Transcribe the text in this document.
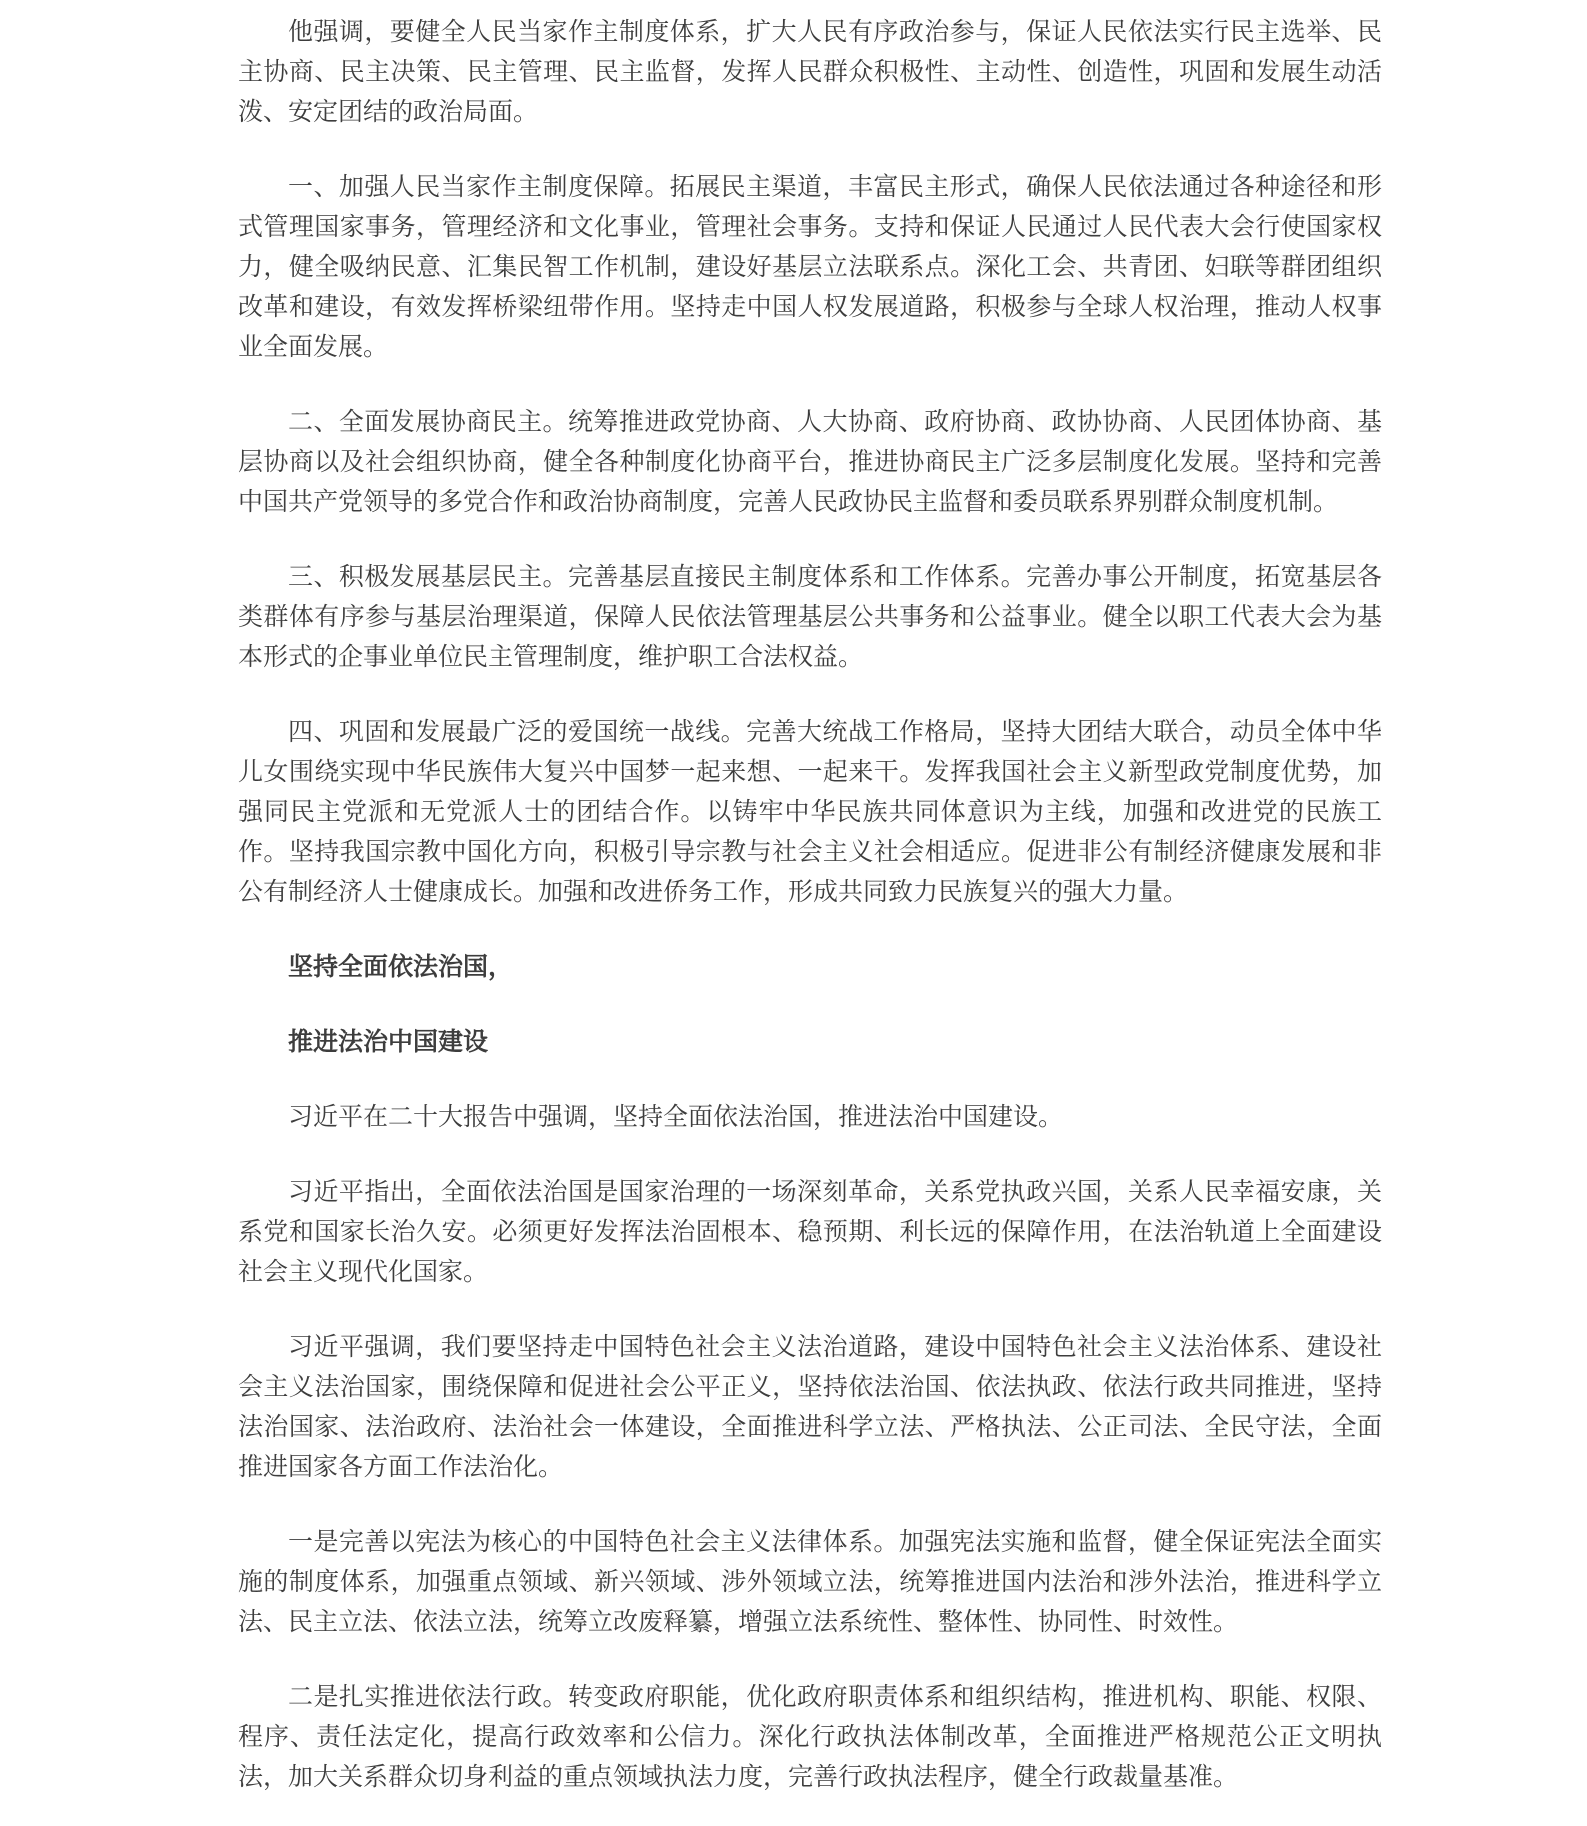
他强调，要健全人民当家作主制度体系，扩大人民有序政治参与，保证人民依法实行民主选举、民主协商、民主决策、民主管理、民主监督，发挥人民群众积极性、主动性、创造性，巩固和发展生动活泼、安定团结的政治局面。

一、加强人民当家作主制度保障。拓展民主渠道，丰富民主形式，确保人民依法通过各种途径和形式管理国家事务，管理经济和文化事业，管理社会事务。支持和保证人民通过人民代表大会行使国家权力，健全吸纳民意、汇集民智工作机制，建设好基层立法联系点。深化工会、共青团、妇联等群团组织改革和建设，有效发挥桥梁纽带作用。坚持走中国人权发展道路，积极参与全球人权治理，推动人权事业全面发展。

二、全面发展协商民主。统筹推进政党协商、人大协商、政府协商、政协协商、人民团体协商、基层协商以及社会组织协商，健全各种制度化协商平台，推进协商民主广泛多层制度化发展。坚持和完善中国共产党领导的多党合作和政治协商制度，完善人民政协民主监督和委员联系界别群众制度机制。

三、积极发展基层民主。完善基层直接民主制度体系和工作体系。完善办事公开制度，拓宽基层各类群体有序参与基层治理渠道，保障人民依法管理基层公共事务和公益事业。健全以职工代表大会为基本形式的企事业单位民主管理制度，维护职工合法权益。

四、巩固和发展最广泛的爱国统一战线。完善大统战工作格局，坚持大团结大联合，动员全体中华儿女围绕实现中华民族伟大复兴中国梦一起来想、一起来干。发挥我国社会主义新型政党制度优势，加强同民主党派和无党派人士的团结合作。以铸牢中华民族共同体意识为主线，加强和改进党的民族工作。坚持我国宗教中国化方向，积极引导宗教与社会主义社会相适应。促进非公有制经济健康发展和非公有制经济人士健康成长。加强和改进侨务工作，形成共同致力民族复兴的强大力量。

坚持全面依法治国，

推进法治中国建设

习近平在二十大报告中强调，坚持全面依法治国，推进法治中国建设。

习近平指出，全面依法治国是国家治理的一场深刻革命，关系党执政兴国，关系人民幸福安康，关系党和国家长治久安。必须更好发挥法治固根本、稳预期、利长远的保障作用，在法治轨道上全面建设社会主义现代化国家。

习近平强调，我们要坚持走中国特色社会主义法治道路，建设中国特色社会主义法治体系、建设社会主义法治国家，围绕保障和促进社会公平正义，坚持依法治国、依法执政、依法行政共同推进，坚持法治国家、法治政府、法治社会一体建设，全面推进科学立法、严格执法、公正司法、全民守法，全面推进国家各方面工作法治化。

一是完善以宪法为核心的中国特色社会主义法律体系。加强宪法实施和监督，健全保证宪法全面实施的制度体系，加强重点领域、新兴领域、涉外领域立法，统筹推进国内法治和涉外法治，推进科学立法、民主立法、依法立法，统筹立改废释纂，增强立法系统性、整体性、协同性、时效性。

二是扎实推进依法行政。转变政府职能，优化政府职责体系和组织结构，推进机构、职能、权限、程序、责任法定化，提高行政效率和公信力。深化行政执法体制改革，全面推进严格规范公正文明执法，加大关系群众切身利益的重点领域执法力度，完善行政执法程序，健全行政裁量基准。
